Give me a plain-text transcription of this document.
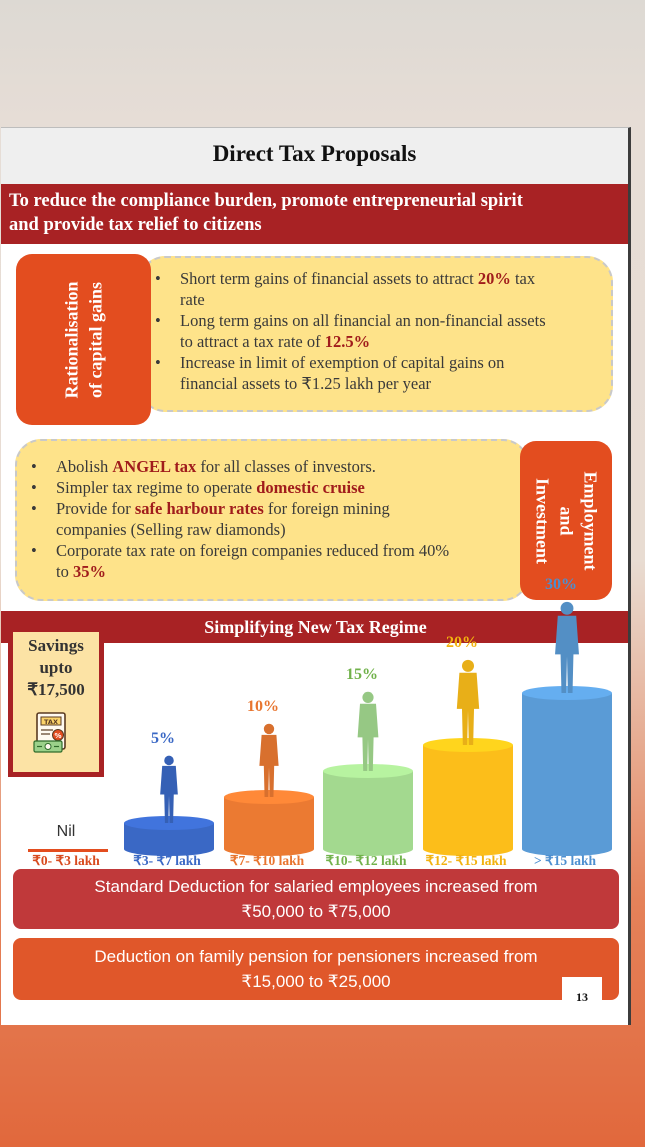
Direct Tax Proposals
To reduce the compliance burden, promote entrepreneurial spirit
and provide tax relief to citizens
• Short term gains of financial assets to attract 20% tax
rate
• Long term gains on all financial an non-financial assets
to attract a tax rate of 12.5%
• Increase in limit of exemption of capital gains on
financial assets to ₹1.25 lakh per year
Rationalisation of capital gains
• Abolish ANGEL tax for all classes of investors.
• Simpler tax regime to operate domestic cruise
• Provide for safe harbour rates for foreign mining
companies (Selling raw diamonds)
• Corporate tax rate on foreign companies reduced from 40%
to 35%
Employment
and
Investment
Simplifying New Tax Regime
Nil
₹0- ₹3 lakh
5%
₹3- ₹7 lakh
10%
₹7- ₹10 lakh
15%
₹10- ₹12 lakh
20%
₹12- ₹15 lakh
30%
> ₹15 lakh
Savings
upto
₹17,500
TAX
%
Standard Deduction for salaried employees increased from
₹50,000 to ₹75,000
Deduction on family pension for pensioners increased from
₹15,000 to ₹25,000
13
